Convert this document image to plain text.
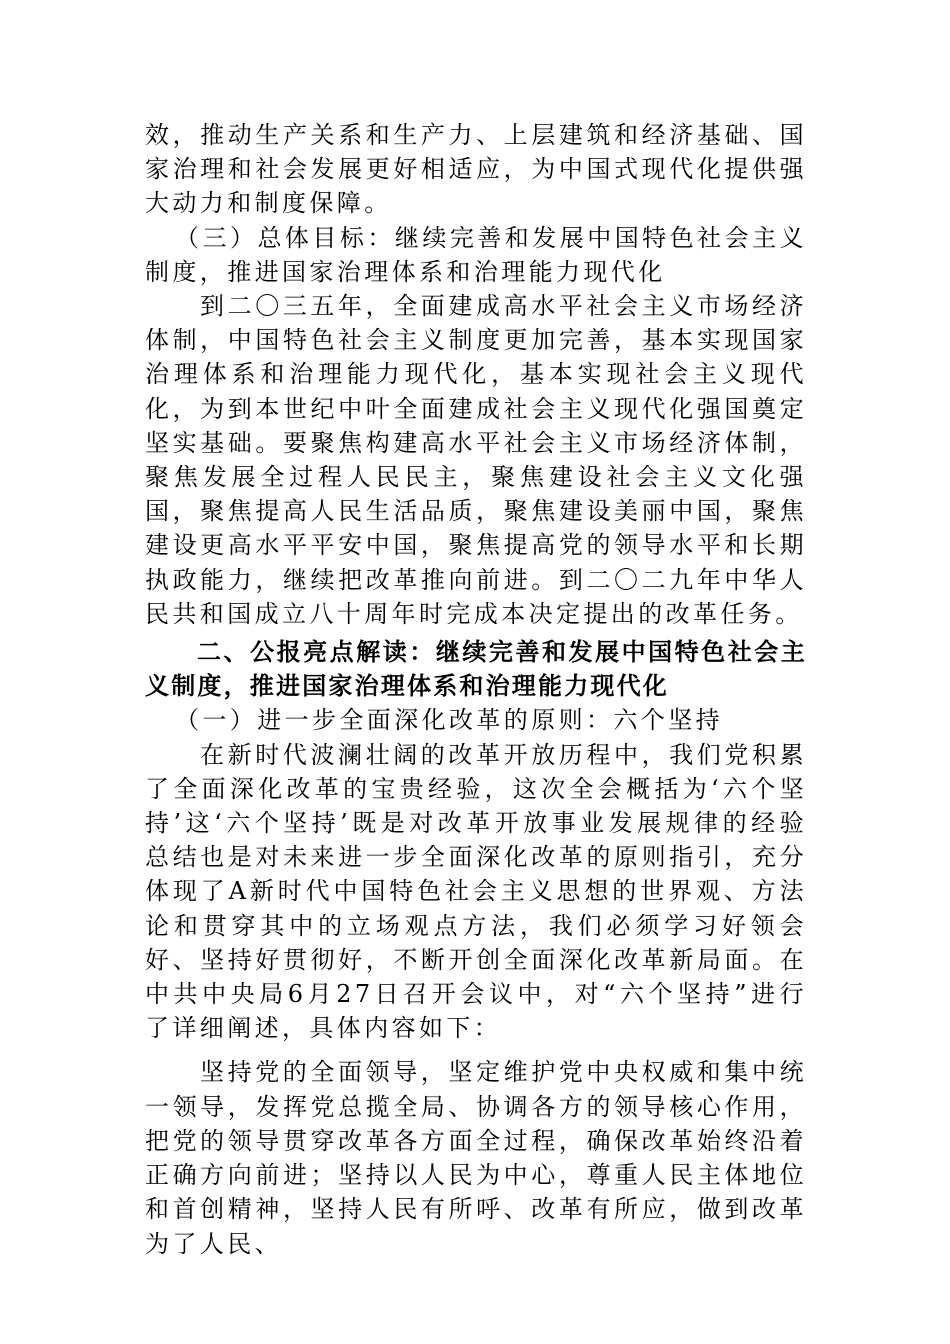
效，推动生产关系和生产力、上层建筑和经济基础、国家治理和社会发展更好相适应，为中国式现代化提供强大动力和制度保障。

（三）总体目标：继续完善和发展中国特色社会主义制度，推进国家治理体系和治理能力现代化

到二〇三五年，全面建成高水平社会主义市场经济体制，中国特色社会主义制度更加完善，基本实现国家治理体系和治理能力现代化，基本实现社会主义现代化，为到本世纪中叶全面建成社会主义现代化强国奠定坚实基础。要聚焦构建高水平社会主义市场经济体制，聚焦发展全过程人民民主，聚焦建设社会主义文化强国，聚焦提高人民生活品质，聚焦建设美丽中国，聚焦建设更高水平平安中国，聚焦提高党的领导水平和长期执政能力，继续把改革推向前进。到二〇二九年中华人民共和国成立八十周年时完成本决定提出的改革任务。

二、公报亮点解读：继续完善和发展中国特色社会主义制度，推进国家治理体系和治理能力现代化

（一）进一步全面深化改革的原则：六个坚持

在新时代波澜壮阔的改革开放历程中，我们党积累了全面深化改革的宝贵经验，这次全会概括为‘六个坚持’这‘六个坚持’既是对改革开放事业发展规律的经验总结也是对未来进一步全面深化改革的原则指引，充分体现了A新时代中国特色社会主义思想的世界观、方法论和贯穿其中的立场观点方法，我们必须学习好领会好、坚持好贯彻好，不断开创全面深化改革新局面。在中共中央局6月27日召开会议中，对“六个坚持”进行了详细阐述，具体内容如下：

坚持党的全面领导，坚定维护党中央权威和集中统一领导，发挥党总揽全局、协调各方的领导核心作用，把党的领导贯穿改革各方面全过程，确保改革始终沿着正确方向前进；坚持以人民为中心，尊重人民主体地位和首创精神，坚持人民有所呼、改革有所应，做到改革为了人民、
